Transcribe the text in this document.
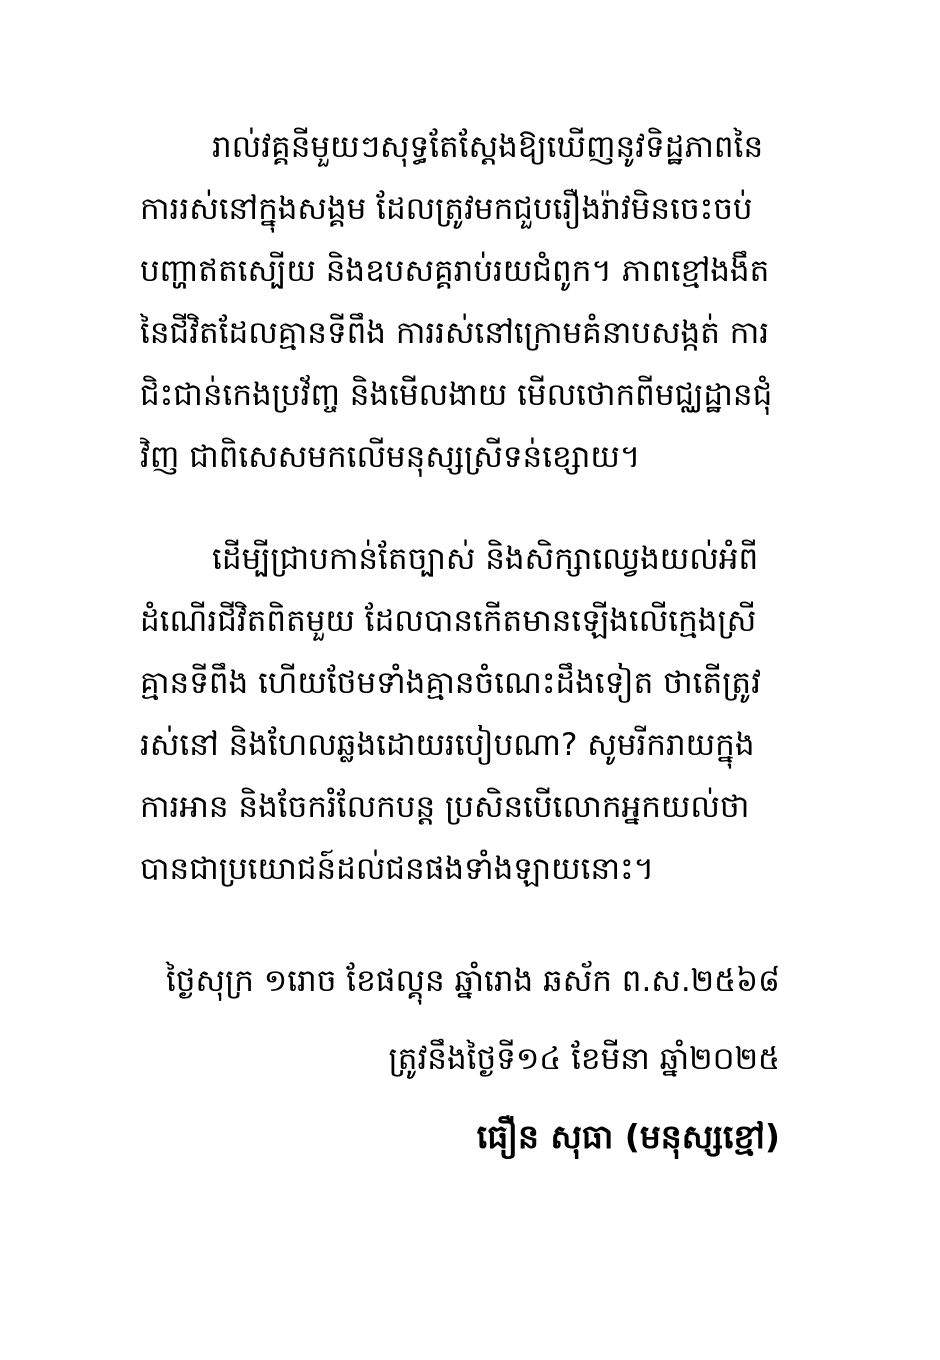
រាល់វគ្គនីមួយៗសុទ្ធតែស្តែងឱ្យឃើញនូវទិដ្ឋភាពនៃ
ការរស់នៅក្នុងសង្គម ដែលត្រូវមកជួបរឿងរ៉ាវមិនចេះចប់
បញ្ហាឥតស្បើយ និងឧបសគ្គរាប់រយជំពូក។ ភាពខ្មៅងងឹត
នៃជីវិតដែលគ្មានទីពឹង ការរស់នៅក្រោមគំនាបសង្កត់ ការ
ជិះជាន់កេងប្រវ័ញ្ច និងមើលងាយ មើលថោកពីមជ្ឈដ្ឋានជុំ
វិញ ជាពិសេសមកលើមនុស្សស្រីទន់ខ្សោយ។
ដើម្បីជ្រាបកាន់តែច្បាស់ និងសិក្សាឈ្វេងយល់អំពី
ដំណើរជីវិតពិតមួយ ដែលបានកើតមានឡើងលើក្មេងស្រី
គ្មានទីពឹង ហើយថែមទាំងគ្មានចំណេះដឹងទៀត ថាតើត្រូវ
រស់នៅ និងហែលឆ្លងដោយរបៀបណា? សូមរីករាយក្នុង
ការអាន និងចែករំលែកបន្ត ប្រសិនបើលោកអ្នកយល់ថា
បានជាប្រយោជន៍ដល់ជនផងទាំងឡាយនោះ។
ថ្ងៃសុក្រ ១រោច ខែផល្គុន ឆ្នាំរោង ឆស័ក ព.ស.២៥៦៨
ត្រូវនឹងថ្ងៃទី១៤ ខែមីនា ឆ្នាំ២០២៥
ធឿន សុធា (មនុស្សខ្មៅ)
